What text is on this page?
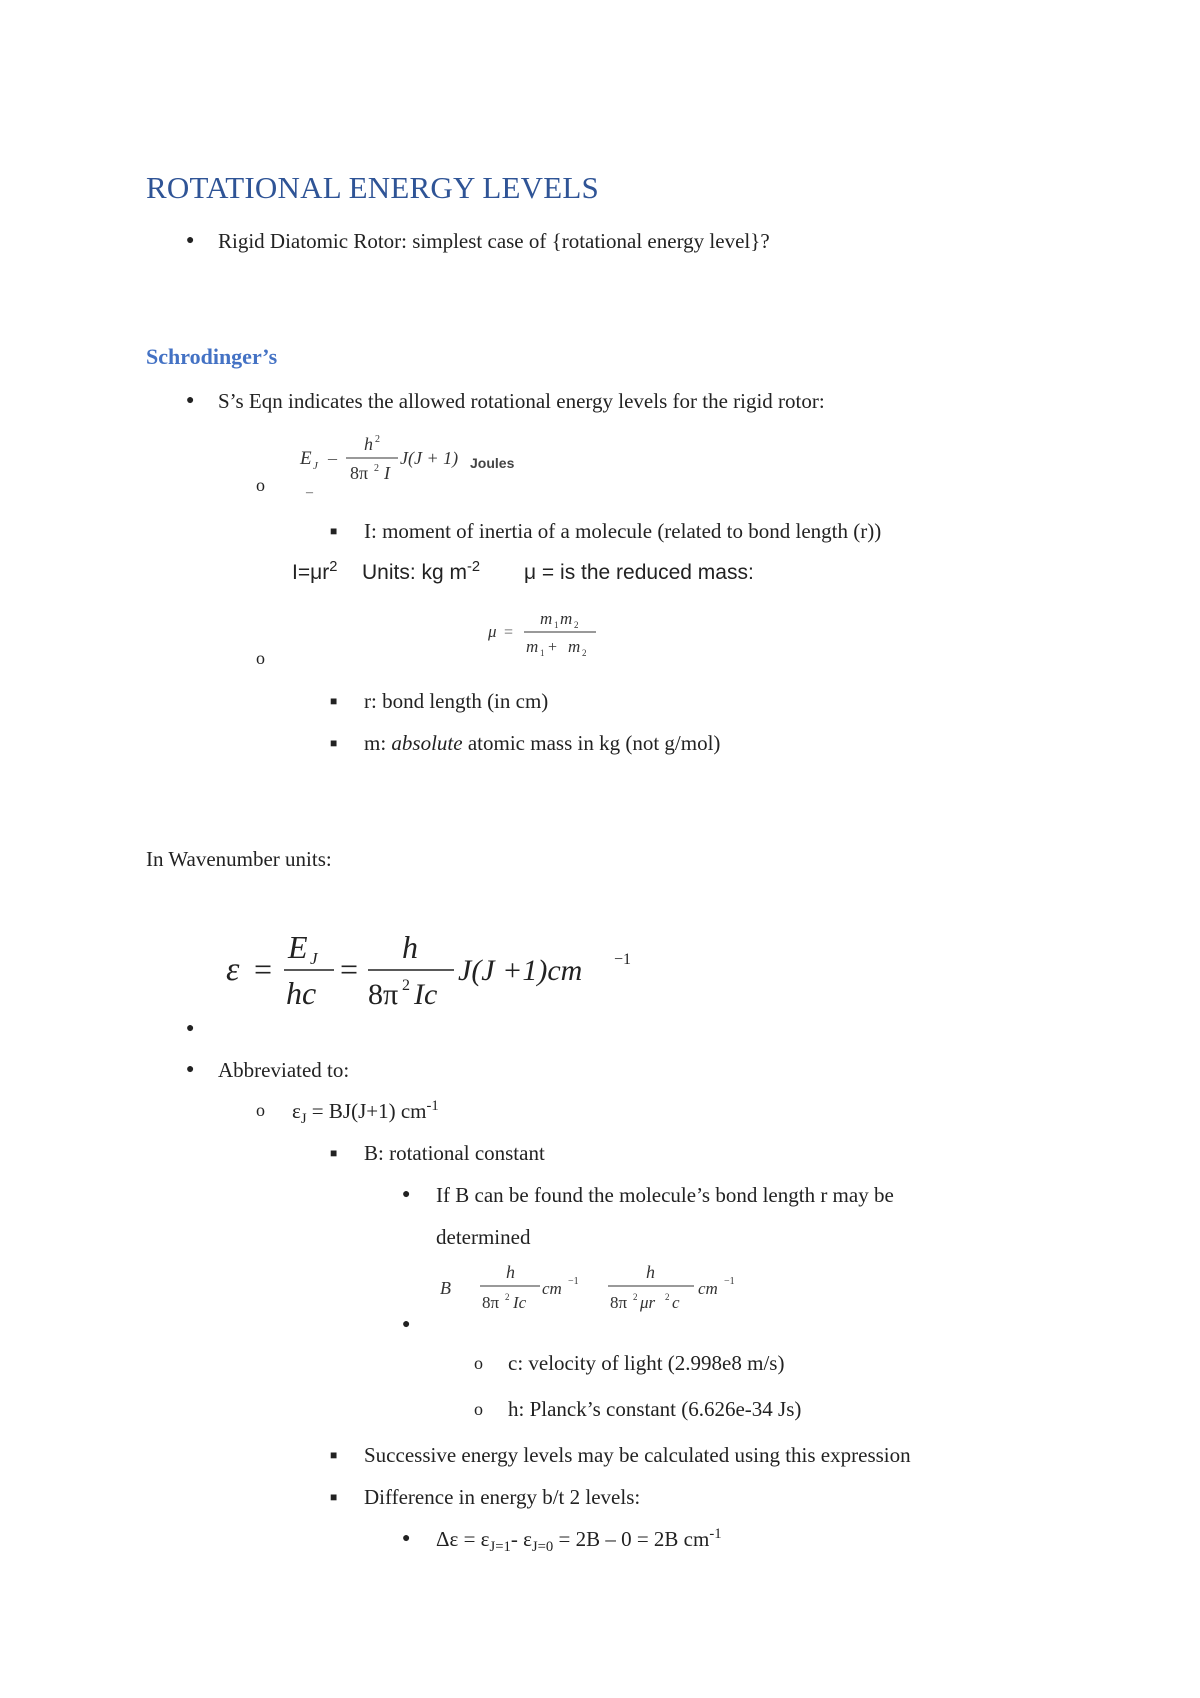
ROTATIONAL ENERGY LEVELS
● Rigid Diatomic Rotor: simplest case of {rotational energy level}?
Schrodinger’s
● S’s Eqn indicates the allowed rotational energy levels for the rigid rotor:
o
E J –
h 2
8π 2 I
J(J + 1) Joules
–
■ I: moment of inertia of a molecule (related to bond length (r))
$I=\mu r^2$ Units: kg $m^{-2}$ μ = is the reduced mass:
o
μ =
m 1 m 2
m 1 + m 2
■ r: bond length (in cm)
■ m: absolute atomic mass in kg (not g/mol)
In Wavenumber units:
ε =
E J
hc
=
h
8π 2 Ic
J(J +1)cm −1
●
● Abbreviated to:
o $\varepsilon_J = BJ(J+1)$ $cm^{-1}$
■ B: rotational constant
● If B can be found the molecule’s bond length r may be
determined
B
h
8π 2 Ic
cm −1	h
8π 2 μr 2 c
cm −1
●
o c: velocity of light (2.998e8 m/s)
o h: Planck’s constant (6.626e-34 Js)
■ Successive energy levels may be calculated using this expression
■ Difference in energy b/t 2 levels:
● $\Delta\varepsilon = \varepsilon_{J=1}-$ $\varepsilon_{J=0} = 2B - 0 = 2B$ $cm^{-1}$
